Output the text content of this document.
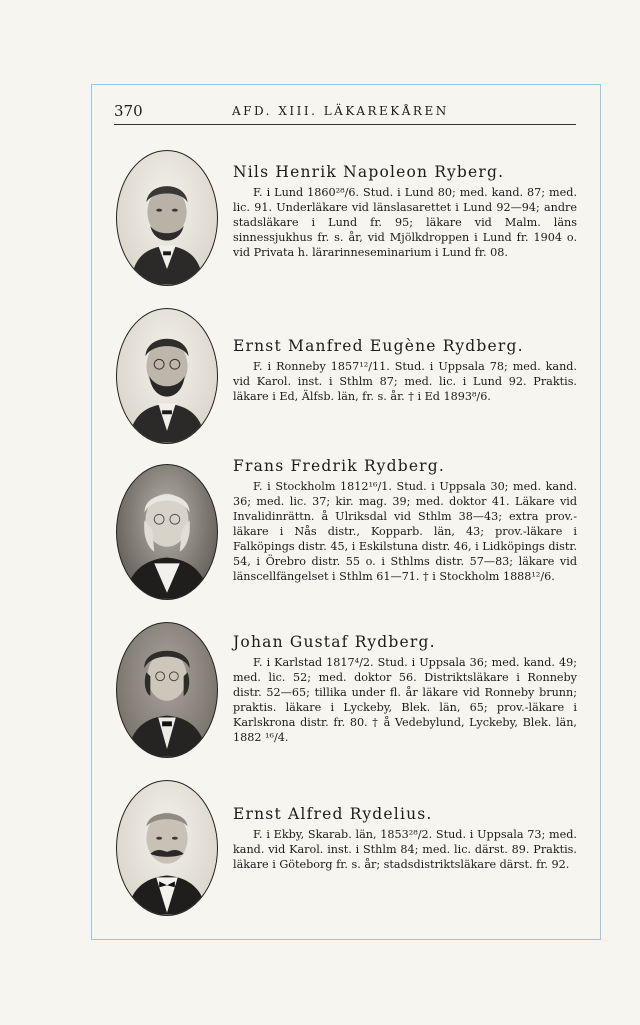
370	AFD. XIII. LÄKAREKÅREN
Nils Henrik Napoleon Ryberg.

F. i Lund 1860²⁸/6. Stud. i Lund 80; med. kand. 87; med. lic. 91. Underläkare vid länslasarettet i Lund 92—94; andre stadsläkare i Lund fr. 95; läkare vid Malm. läns sinnessjukhus fr. s. år, vid Mjölkdroppen i Lund fr. 1904 o. vid Privata h. lärarinneseminarium i Lund fr. 08.

Ernst Manfred Eugène Rydberg.

F. i Ronneby 1857¹²/11. Stud. i Uppsala 78; med. kand. vid Karol. inst. i Sthlm 87; med. lic. i Lund 92. Praktis. läkare i Ed, Älfsb. län, fr. s. år. † i Ed 1893⁸/6.

Frans Fredrik Rydberg.

F. i Stockholm 1812¹⁶/1. Stud. i Uppsala 30; med. kand. 36; med. lic. 37; kir. mag. 39; med. doktor 41. Läkare vid Invalidinrättn. å Ulriksdal vid Sthlm 38—43; extra prov.-läkare i Nås distr., Kopparb. län, 43; prov.-läkare i Falköpings distr. 45, i Eskilstuna distr. 46, i Lidköpings distr. 54, i Örebro distr. 55 o. i Sthlms distr. 57—83; läkare vid länscellfängelset i Sthlm 61—71. † i Stockholm 1888¹²/6.

Johan Gustaf Rydberg.

F. i Karlstad 1817⁴/2. Stud. i Uppsala 36; med. kand. 49; med. lic. 52; med. doktor 56. Distriktsläkare i Ronneby distr. 52—65; tillika under fl. år läkare vid Ronneby brunn; praktis. läkare i Lyckeby, Blek. län, 65; prov.-läkare i Karlskrona distr. fr. 80. † å Vedebylund, Lyckeby, Blek. län, 1882 ¹⁶/4.

Ernst Alfred Rydelius.

F. i Ekby, Skarab. län, 1853²⁸/2. Stud. i Uppsala 73; med. kand. vid Karol. inst. i Sthlm 84; med. lic. därst. 89. Praktis. läkare i Göteborg fr. s. år; stadsdistriktsläkare därst. fr. 92.
